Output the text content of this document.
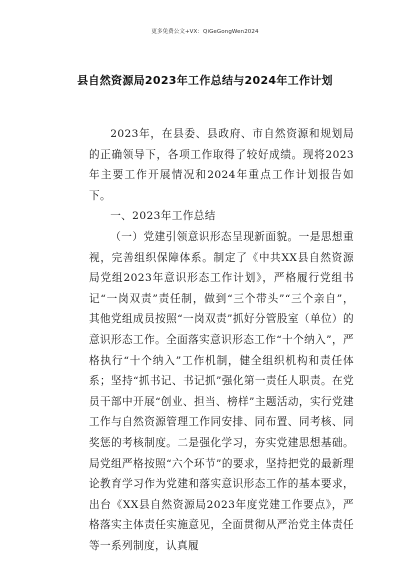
更多免费公文+VX：QiGeGongWen2024
县自然资源局2023年工作总结与2024年工作计划

2023年，在县委、县政府、市自然资源和规划局的正确领导下，各项工作取得了较好成绩。现将2023年主要工作开展情况和2024年重点工作计划报告如下。

一、2023年工作总结

（一）党建引领意识形态呈现新面貌。一是思想重视，完善组织保障体系。制定了《中共XX县自然资源局党组2023年意识形态工作计划》，严格履行党组书记“一岗双责”责任制，做到“三个带头”“三个亲自”，其他党组成员按照“一岗双责”抓好分管股室（单位）的意识形态工作。全面落实意识形态工作“十个纳入”，严格执行“十个纳入”工作机制，健全组织机构和责任体系；坚持“抓书记、书记抓”强化第一责任人职责。在党员干部中开展“创业、担当、榜样”主题活动，实行党建工作与自然资源管理工作同安排、同布置、同考核、同奖惩的考核制度。二是强化学习，夯实党建思想基础。局党组严格按照“六个环节”的要求，坚持把党的最新理论教育学习作为党建和落实意识形态工作的基本要求，出台《XX县自然资源局2023年度党建工作要点》，严格落实主体责任实施意见，全面贯彻从严治党主体责任等一系列制度，认真履
